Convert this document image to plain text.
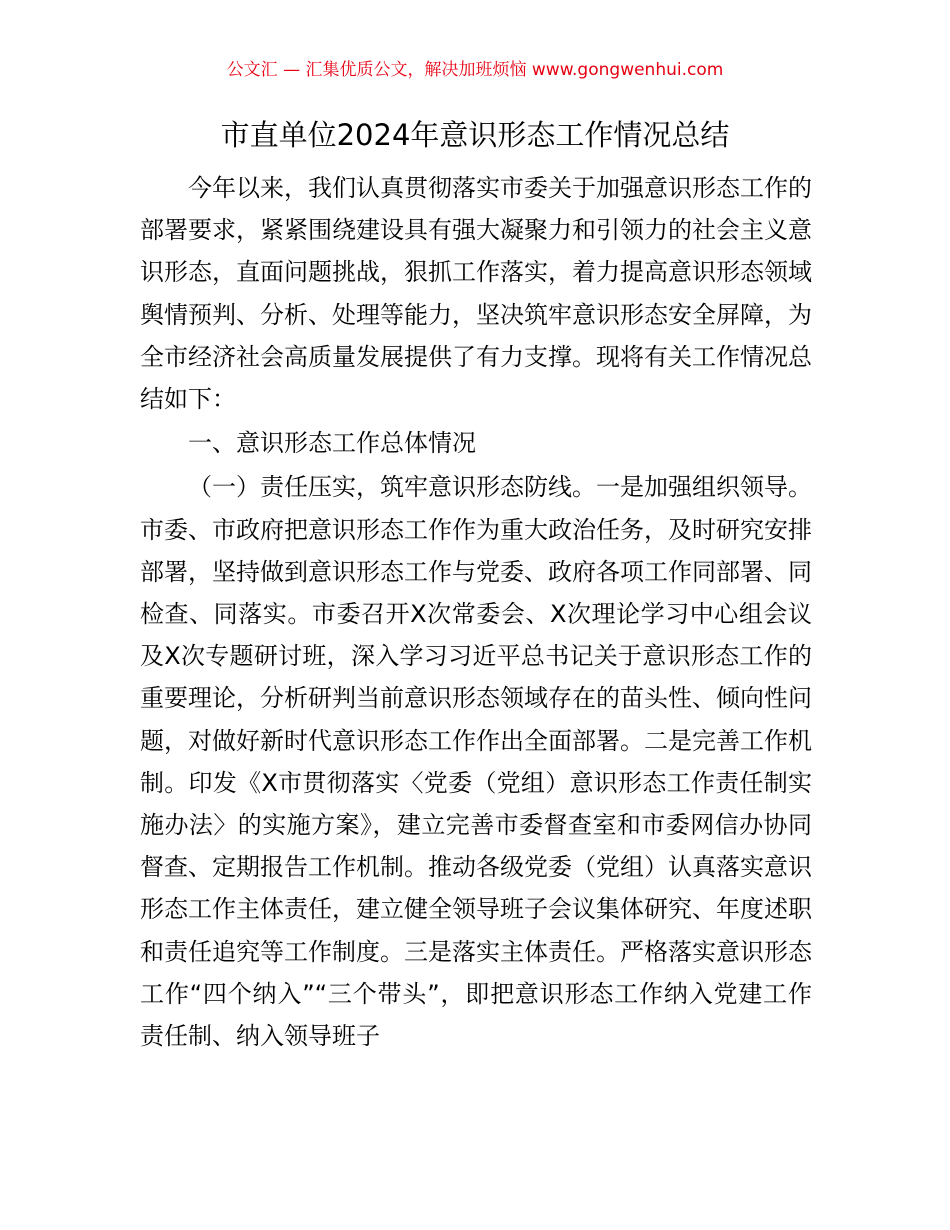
公文汇 — 汇集优质公文，解决加班烦恼 www.gongwenhui.com
市直单位2024年意识形态工作情况总结

今年以来，我们认真贯彻落实市委关于加强意识形态工作的部署要求，紧紧围绕建设具有强大凝聚力和引领力的社会主义意识形态，直面问题挑战，狠抓工作落实，着力提高意识形态领域舆情预判、分析、处理等能力，坚决筑牢意识形态安全屏障，为全市经济社会高质量发展提供了有力支撑。现将有关工作情况总结如下：

一、意识形态工作总体情况

（一）责任压实，筑牢意识形态防线。一是加强组织领导。市委、市政府把意识形态工作作为重大政治任务，及时研究安排部署，坚持做到意识形态工作与党委、政府各项工作同部署、同检查、同落实。市委召开X次常委会、X次理论学习中心组会议及X次专题研讨班，深入学习习近平总书记关于意识形态工作的重要理论，分析研判当前意识形态领域存在的苗头性、倾向性问题，对做好新时代意识形态工作作出全面部署。二是完善工作机制。印发《X市贯彻落实〈党委（党组）意识形态工作责任制实施办法〉的实施方案》，建立完善市委督查室和市委网信办协同督查、定期报告工作机制。推动各级党委（党组）认真落实意识形态工作主体责任，建立健全领导班子会议集体研究、年度述职和责任追究等工作制度。三是落实主体责任。严格落实意识形态工作“四个纳入”“三个带头”，即把意识形态工作纳入党建工作责任制、纳入领导班子
